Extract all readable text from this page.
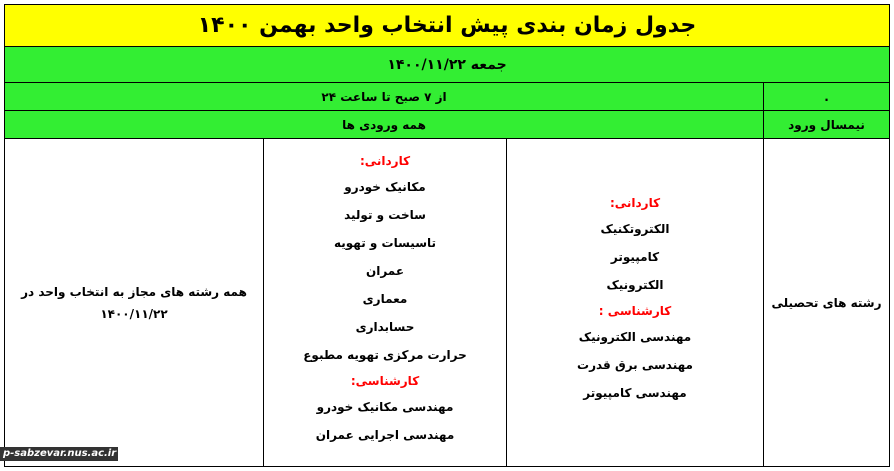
جدول زمان بندی پیش انتخاب واحد بهمن ۱۴۰۰
جمعه ۱۴۰۰/۱۱/۲۲
از ۷ صبح تا ساعت ۲۴	.
همه ورودی ها	نیمسال ورود
همه رشته های مجاز به انتخاب واحد در
۱۴۰۰/۱۱/۲۲
کاردانی:
مکانیک خودرو
ساخت و تولید
تاسیسات و تهویه
عمران
معماری
حسابداری
حرارت مرکزی تهویه مطبوع
کارشناسی:
مهندسی مکانیک خودرو
مهندسی اجرایی عمران
کاردانی:
الکتروتکنیک
کامپیوتر
الکترونیک
کارشناسی :
مهندسی الکترونیک
مهندسی برق قدرت
مهندسی کامپیوتر
رشته های تحصیلی
p-sabzevar.nus.ac.ir
